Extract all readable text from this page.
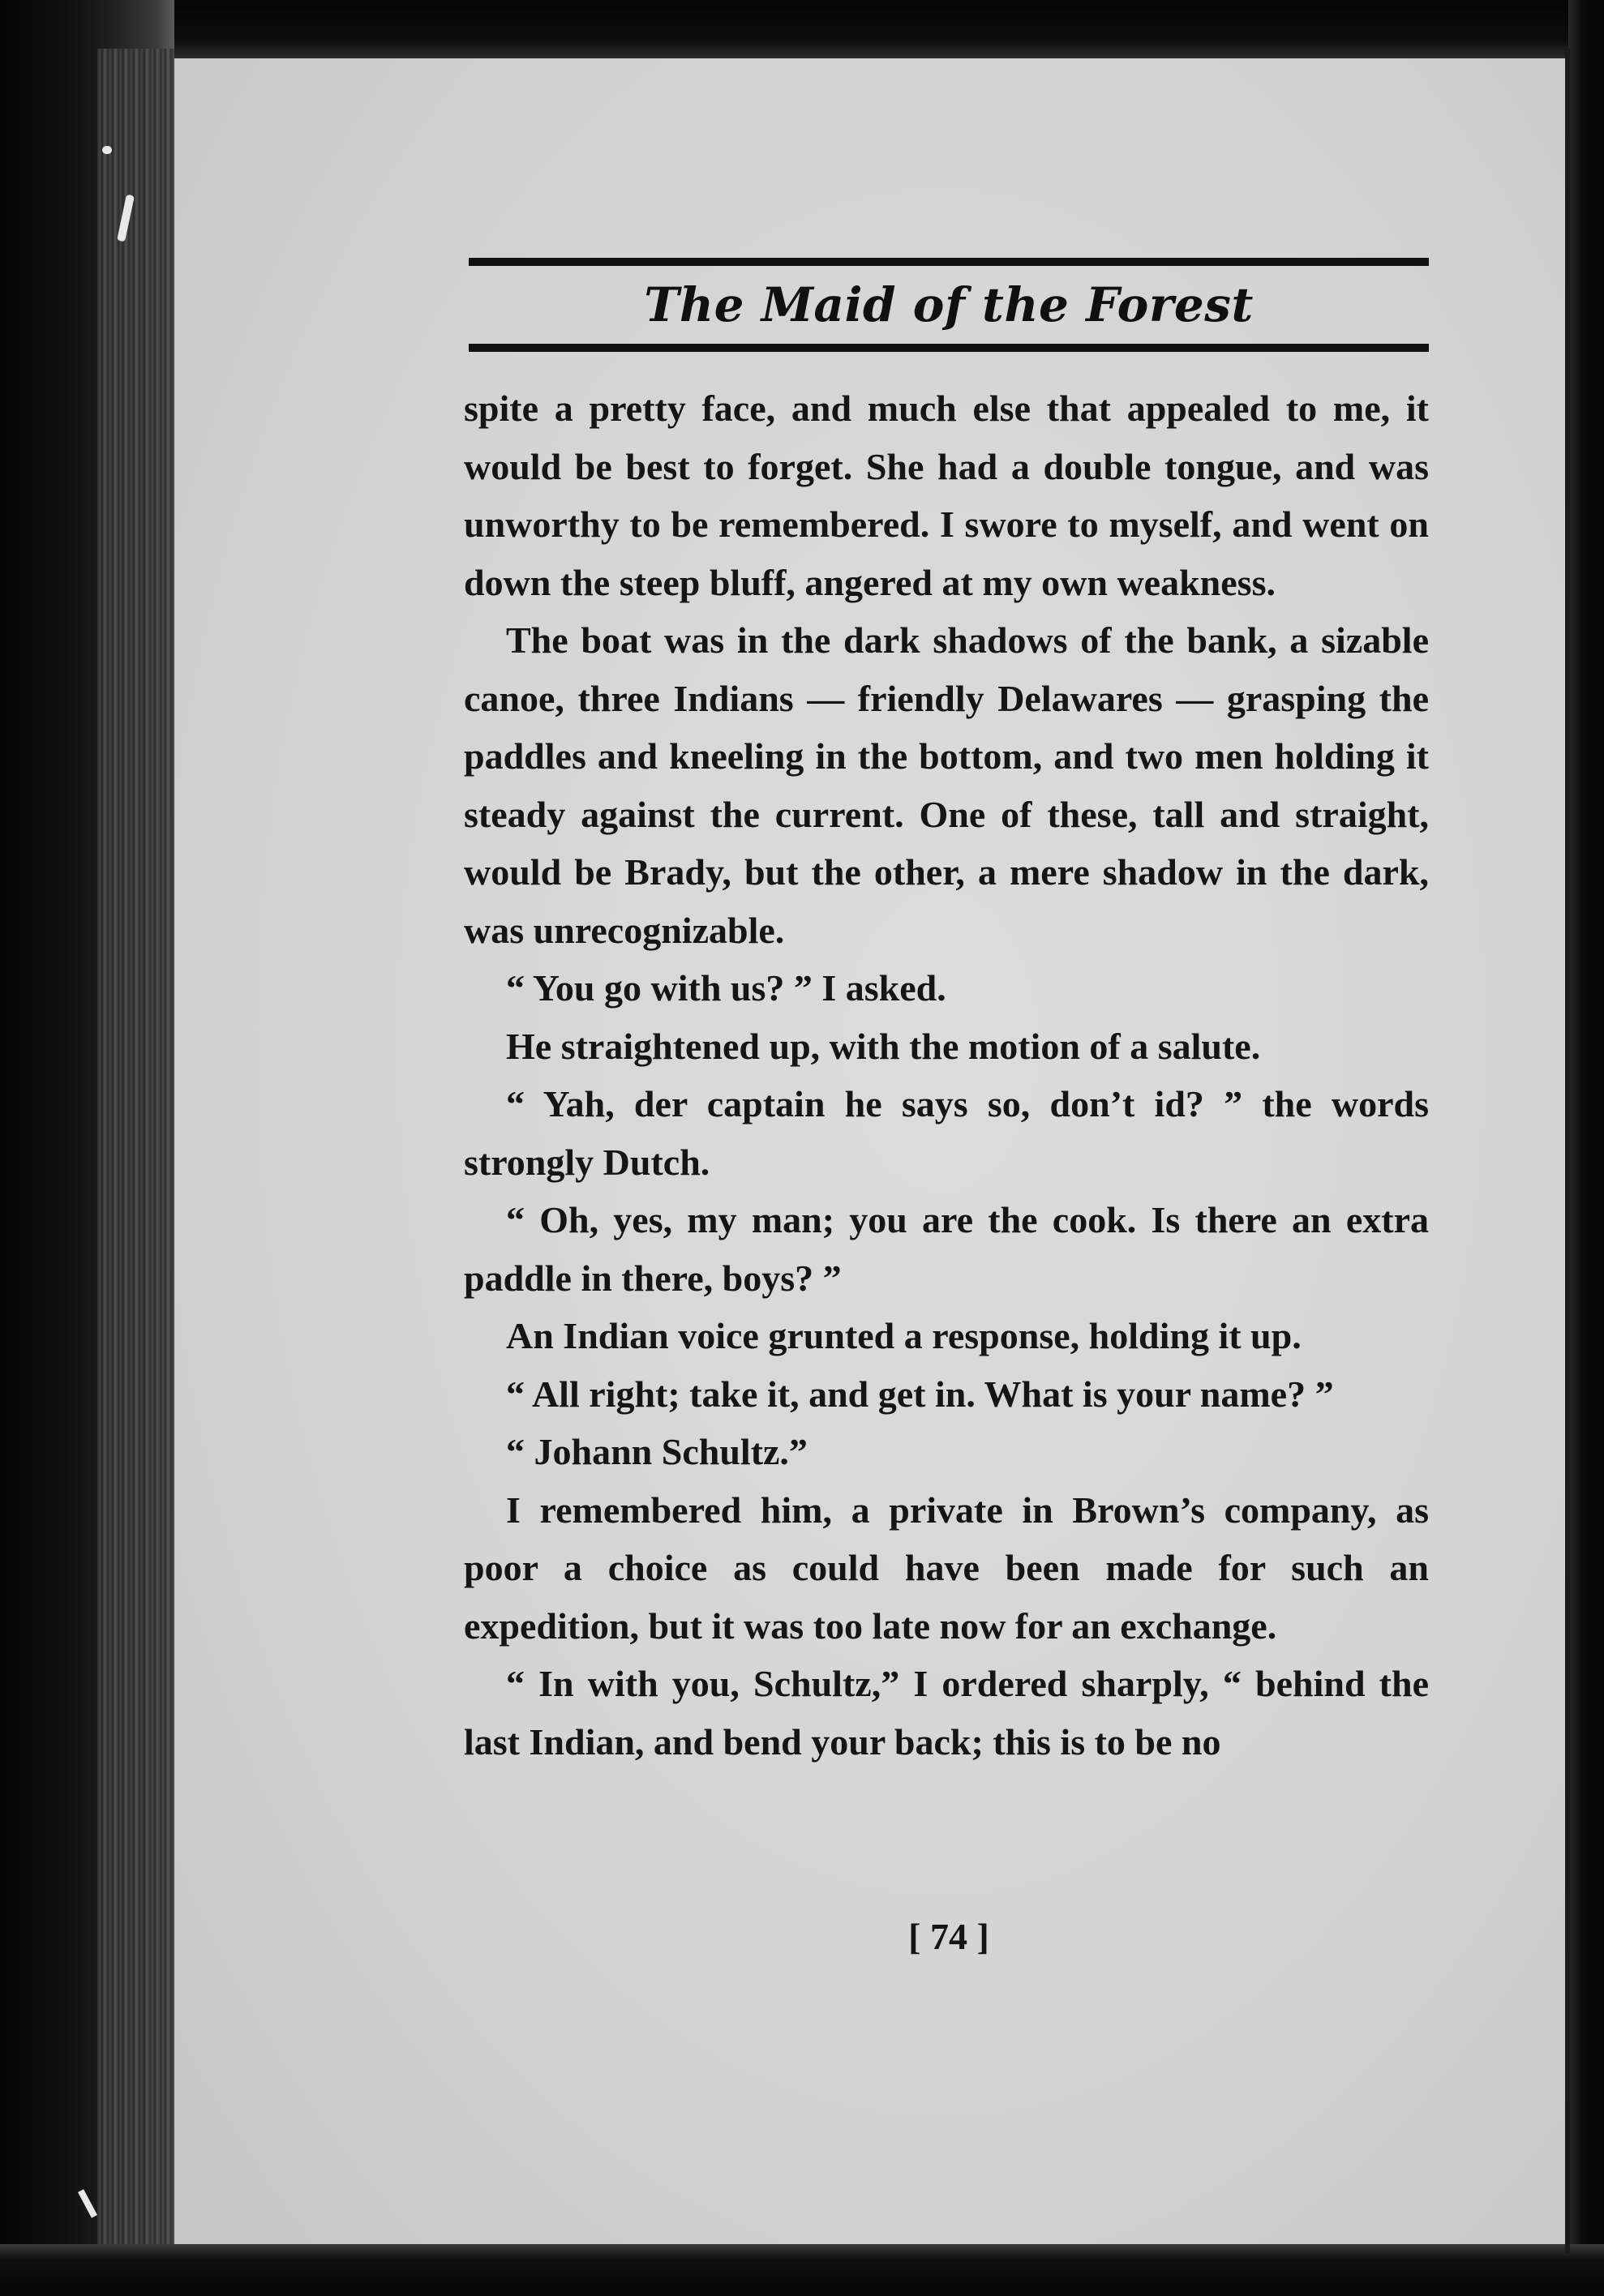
The Maid of the Forest

spite a pretty face, and much else that appealed to me, it would be best to forget. She had a double tongue, and was unworthy to be remembered. I swore to myself, and went on down the steep bluff, angered at my own weakness.

The boat was in the dark shadows of the bank, a sizable canoe, three Indians — friendly Delawares — grasping the paddles and kneeling in the bottom, and two men holding it steady against the current. One of these, tall and straight, would be Brady, but the other, a mere shadow in the dark, was unrecognizable.

“ You go with us? ” I asked.

He straightened up, with the motion of a salute.

“ Yah, der captain he says so, don’t id? ” the words strongly Dutch.

“ Oh, yes, my man; you are the cook. Is there an extra paddle in there, boys? ”

An Indian voice grunted a response, holding it up.

“ All right; take it, and get in. What is your name? ”

“ Johann Schultz.”

I remembered him, a private in Brown’s company, as poor a choice as could have been made for such an expedition, but it was too late now for an exchange.

“ In with you, Schultz,” I ordered sharply, “ behind the last Indian, and bend your back; this is to be no

[ 74 ]
